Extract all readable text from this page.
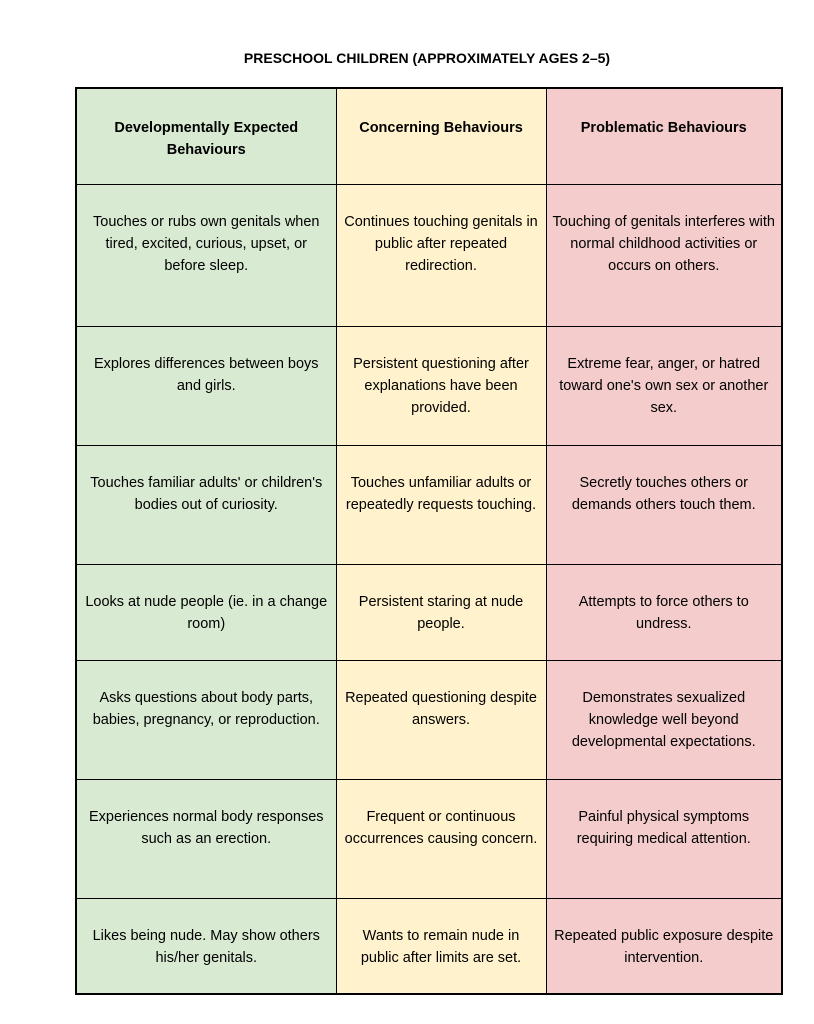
PRESCHOOL CHILDREN (APPROXIMATELY AGES 2–5)
Developmentally Expected Behaviours	Concerning Behaviours	Problematic Behaviours
Touches or rubs own genitals when tired, excited, curious, upset, or before sleep.	Continues touching genitals in public after repeated redirection.	Touching of genitals interferes with normal childhood activities or occurs on others.
Explores differences between boys and girls.	Persistent questioning after explanations have been provided.	Extreme fear, anger, or hatred toward one's own sex or another sex.
Touches familiar adults' or children's bodies out of curiosity.	Touches unfamiliar adults or repeatedly requests touching.	Secretly touches others or demands others touch them.
Looks at nude people (ie. in a change room)	Persistent staring at nude people.	Attempts to force others to undress.
Asks questions about body parts, babies, pregnancy, or reproduction.	Repeated questioning despite answers.	Demonstrates sexualized knowledge well beyond developmental expectations.
Experiences normal body responses such as an erection.	Frequent or continuous occurrences causing concern.	Painful physical symptoms requiring medical attention.
Likes being nude. May show others his/her genitals.	Wants to remain nude in public after limits are set.	Repeated public exposure despite intervention.
